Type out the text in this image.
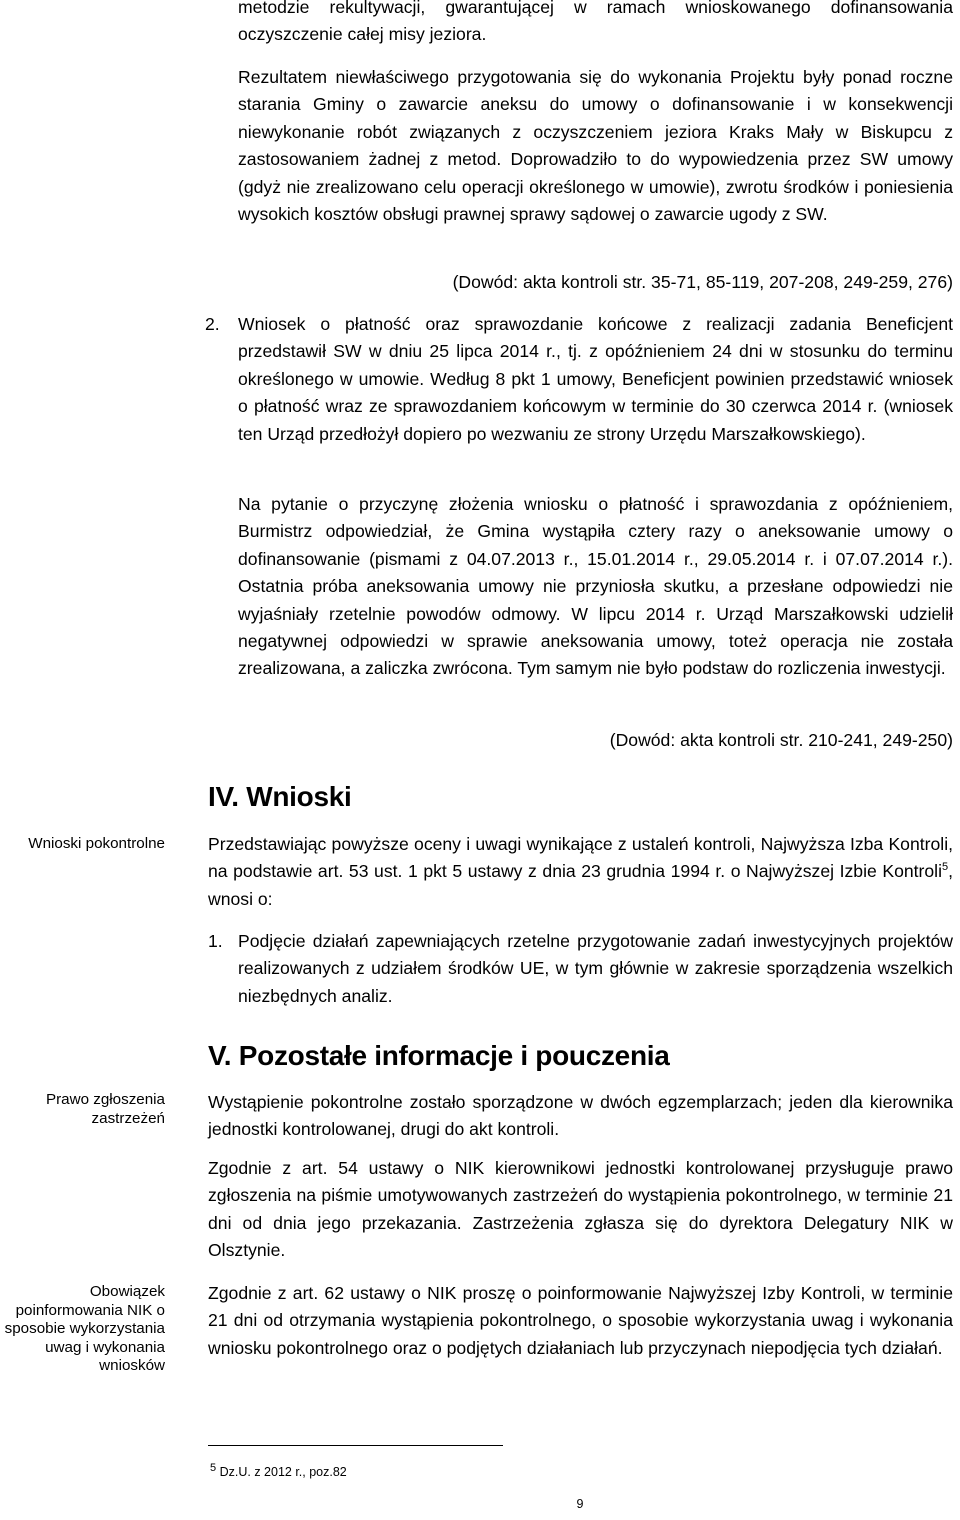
metodzie rekultywacji, gwarantującej w ramach wnioskowanego dofinansowania oczyszczenie całej misy jeziora.

Rezultatem niewłaściwego przygotowania się do wykonania Projektu były ponad roczne starania Gminy o zawarcie aneksu do umowy o dofinansowanie i w konsekwencji niewykonanie robót związanych z oczyszczeniem jeziora Kraks Mały w Biskupcu z zastosowaniem żadnej z metod. Doprowadziło to do wypowiedzenia przez SW umowy (gdyż nie zrealizowano celu operacji określonego w umowie), zwrotu środków i poniesienia wysokich kosztów obsługi prawnej sprawy sądowej o zawarcie ugody z SW.

(Dowód: akta kontroli str. 35-71, 85-119, 207-208, 249-259, 276)

2. Wniosek o płatność oraz sprawozdanie końcowe z realizacji zadania Beneficjent przedstawił SW w dniu 25 lipca 2014 r., tj. z opóźnieniem 24 dni w stosunku do terminu określonego w umowie. Według 8 pkt 1 umowy, Beneficjent powinien przedstawić wniosek o płatność wraz ze sprawozdaniem końcowym w terminie do 30 czerwca 2014 r. (wniosek ten Urząd przedłożył dopiero po wezwaniu ze strony Urzędu Marszałkowskiego).

Na pytanie o przyczynę złożenia wniosku o płatność i sprawozdania z opóźnieniem, Burmistrz odpowiedział, że Gmina wystąpiła cztery razy o aneksowanie umowy o dofinansowanie (pismami z 04.07.2013 r., 15.01.2014 r., 29.05.2014 r. i 07.07.2014 r.). Ostatnia próba aneksowania umowy nie przyniosła skutku, a przesłane odpowiedzi nie wyjaśniały rzetelnie powodów odmowy. W lipcu 2014 r. Urząd Marszałkowski udzielił negatywnej odpowiedzi w sprawie aneksowania umowy, toteż operacja nie została zrealizowana, a zaliczka zwrócona. Tym samym nie było podstaw do rozliczenia inwestycji.

(Dowód: akta kontroli str. 210-241, 249-250)

IV. Wnioski
Wnioski pokontrolne Przedstawiając powyższe oceny i uwagi wynikające z ustaleń kontroli, Najwyższa Izba Kontroli, na podstawie art. 53 ust. 1 pkt 5 ustawy z dnia 23 grudnia 1994 r. o Najwyższej Izbie Kontroli$^5$, wnosi o:

1. Podjęcie działań zapewniających rzetelne przygotowanie zadań inwestycyjnych projektów realizowanych z udziałem środków UE, w tym głównie w zakresie sporządzenia wszelkich niezbędnych analiz.

V. Pozostałe informacje i pouczenia
Prawo zgłoszenia zastrzeżeń

Wystąpienie pokontrolne zostało sporządzone w dwóch egzemplarzach; jeden dla kierownika jednostki kontrolowanej, drugi do akt kontroli.

Zgodnie z art. 54 ustawy o NIK kierownikowi jednostki kontrolowanej przysługuje prawo zgłoszenia na piśmie umotywowanych zastrzeżeń do wystąpienia pokontrolnego, w terminie 21 dni od dnia jego przekazania. Zastrzeżenia zgłasza się do dyrektora Delegatury NIK w Olsztynie.

Obowiązek poinformowania NIK o sposobie wykorzystania uwag i wykonania wniosków

Zgodnie z art. 62 ustawy o NIK proszę o poinformowanie Najwyższej Izby Kontroli, w terminie 21 dni od otrzymania wystąpienia pokontrolnego, o sposobie wykorzystania uwag i wykonania wniosku pokontrolnego oraz o podjętych działaniach lub przyczynach niepodjęcia tych działań.

$^5$ Dz.U. z 2012 r., poz.82
9
